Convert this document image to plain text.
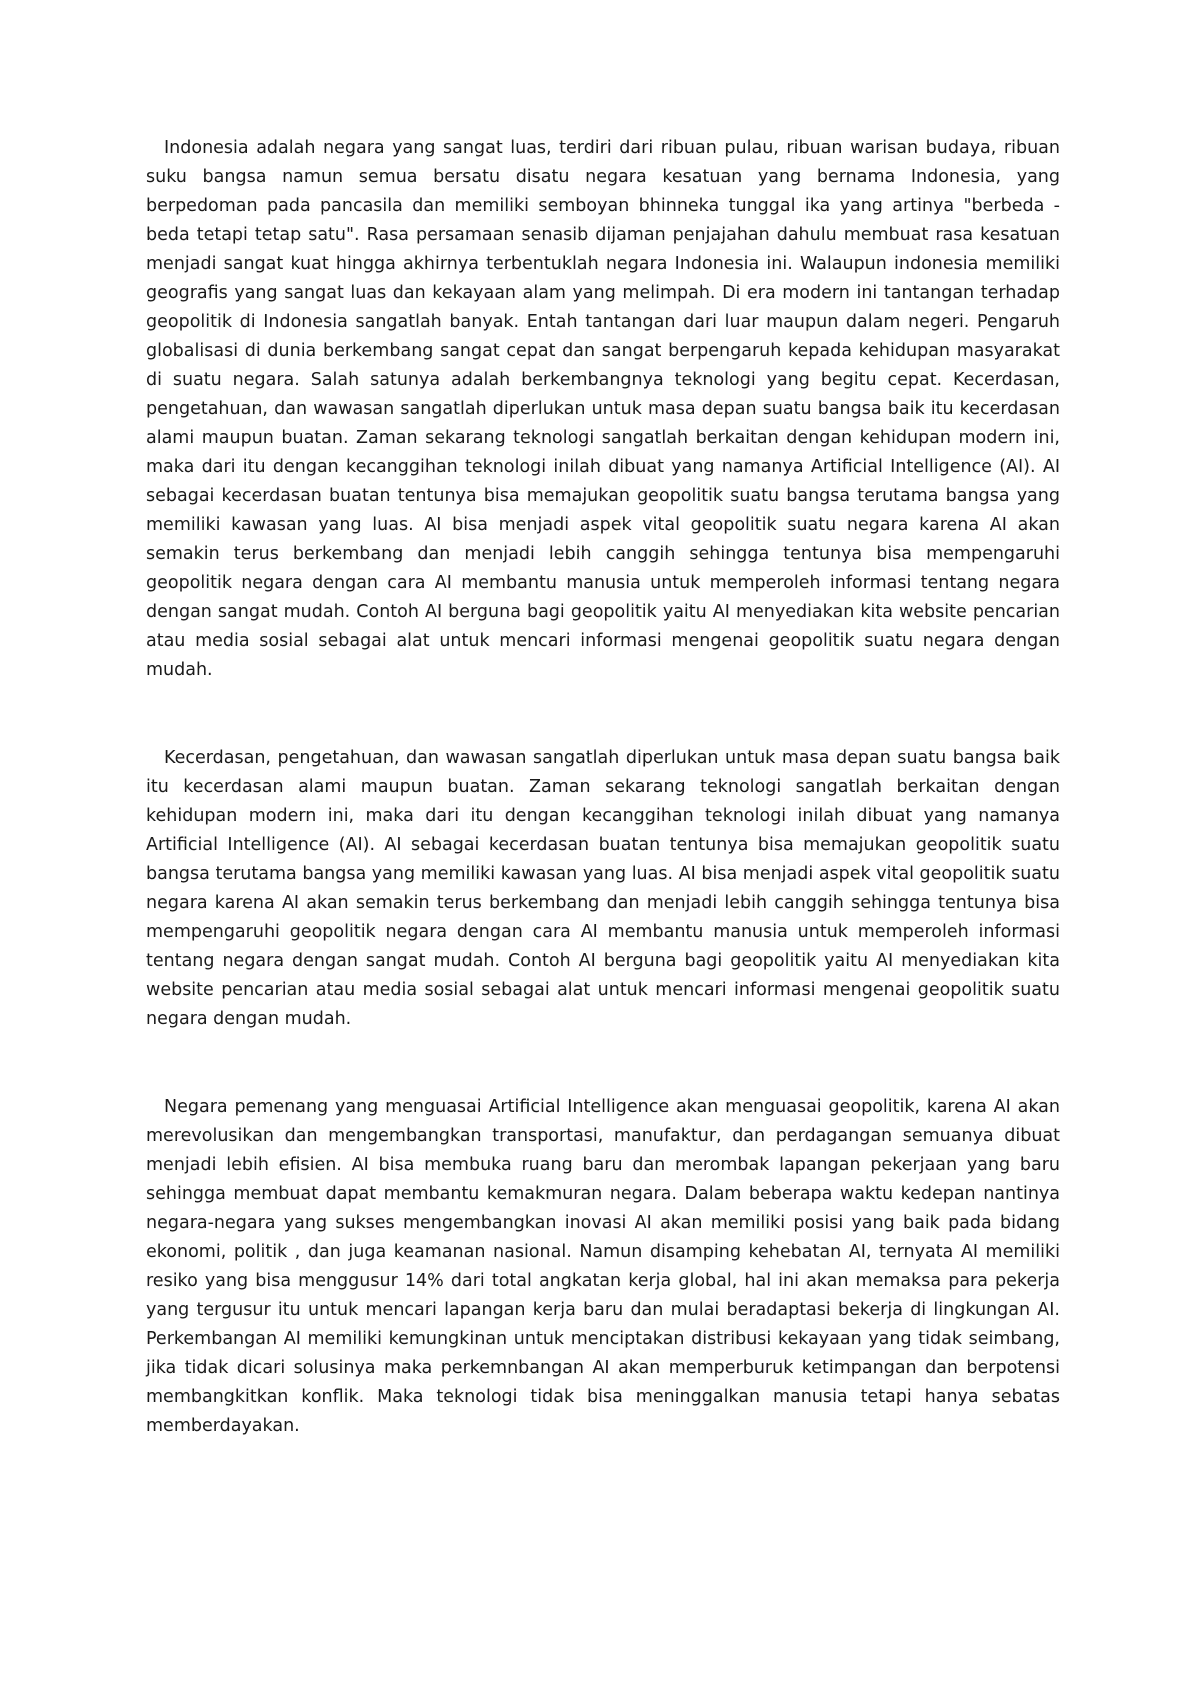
Indonesia adalah negara yang sangat luas, terdiri dari ribuan pulau, ribuan warisan budaya, ribuan suku bangsa namun semua bersatu disatu negara kesatuan yang bernama Indonesia, yang berpedoman pada pancasila dan memiliki semboyan bhinneka tunggal ika yang artinya "berbeda - beda tetapi tetap satu". Rasa persamaan senasib dijaman penjajahan dahulu membuat rasa kesatuan menjadi sangat kuat hingga akhirnya terbentuklah negara Indonesia ini. Walaupun indonesia memiliki geografis yang sangat luas dan kekayaan alam yang melimpah. Di era modern ini tantangan terhadap geopolitik di Indonesia sangatlah banyak. Entah tantangan dari luar maupun dalam negeri. Pengaruh globalisasi di dunia berkembang sangat cepat dan sangat berpengaruh kepada kehidupan masyarakat di suatu negara. Salah satunya adalah berkembangnya teknologi yang begitu cepat. Kecerdasan, pengetahuan, dan wawasan sangatlah diperlukan untuk masa depan suatu bangsa baik itu kecerdasan alami maupun buatan. Zaman sekarang teknologi sangatlah berkaitan dengan kehidupan modern ini, maka dari itu dengan kecanggihan teknologi inilah dibuat yang namanya Artificial Intelligence (AI). AI sebagai kecerdasan buatan tentunya bisa memajukan geopolitik suatu bangsa terutama bangsa yang memiliki kawasan yang luas. AI bisa menjadi aspek vital geopolitik suatu negara karena AI akan semakin terus berkembang dan menjadi lebih canggih sehingga tentunya bisa mempengaruhi geopolitik negara dengan cara AI membantu manusia untuk memperoleh informasi tentang negara dengan sangat mudah. Contoh AI berguna bagi geopolitik yaitu AI menyediakan kita website pencarian atau media sosial sebagai alat untuk mencari informasi mengenai geopolitik suatu negara dengan mudah.

Kecerdasan, pengetahuan, dan wawasan sangatlah diperlukan untuk masa depan suatu bangsa baik itu kecerdasan alami maupun buatan. Zaman sekarang teknologi sangatlah berkaitan dengan kehidupan modern ini, maka dari itu dengan kecanggihan teknologi inilah dibuat yang namanya Artificial Intelligence (AI). AI sebagai kecerdasan buatan tentunya bisa memajukan geopolitik suatu bangsa terutama bangsa yang memiliki kawasan yang luas. AI bisa menjadi aspek vital geopolitik suatu negara karena AI akan semakin terus berkembang dan menjadi lebih canggih sehingga tentunya bisa mempengaruhi geopolitik negara dengan cara AI membantu manusia untuk memperoleh informasi tentang negara dengan sangat mudah. Contoh AI berguna bagi geopolitik yaitu AI menyediakan kita website pencarian atau media sosial sebagai alat untuk mencari informasi mengenai geopolitik suatu negara dengan mudah.

Negara pemenang yang menguasai Artificial Intelligence akan menguasai geopolitik, karena AI akan merevolusikan dan mengembangkan transportasi, manufaktur, dan perdagangan semuanya dibuat menjadi lebih efisien. AI bisa membuka ruang baru dan merombak lapangan pekerjaan yang baru sehingga membuat dapat membantu kemakmuran negara. Dalam beberapa waktu kedepan nantinya negara-negara yang sukses mengembangkan inovasi AI akan memiliki posisi yang baik pada bidang ekonomi, politik , dan juga keamanan nasional. Namun disamping kehebatan AI, ternyata AI memiliki resiko yang bisa menggusur 14% dari total angkatan kerja global, hal ini akan memaksa para pekerja yang tergusur itu untuk mencari lapangan kerja baru dan mulai beradaptasi bekerja di lingkungan AI. Perkembangan AI memiliki kemungkinan untuk menciptakan distribusi kekayaan yang tidak seimbang, jika tidak dicari solusinya maka perkemnbangan AI akan memperburuk ketimpangan dan berpotensi membangkitkan konflik. Maka teknologi tidak bisa meninggalkan manusia tetapi hanya sebatas memberdayakan.
